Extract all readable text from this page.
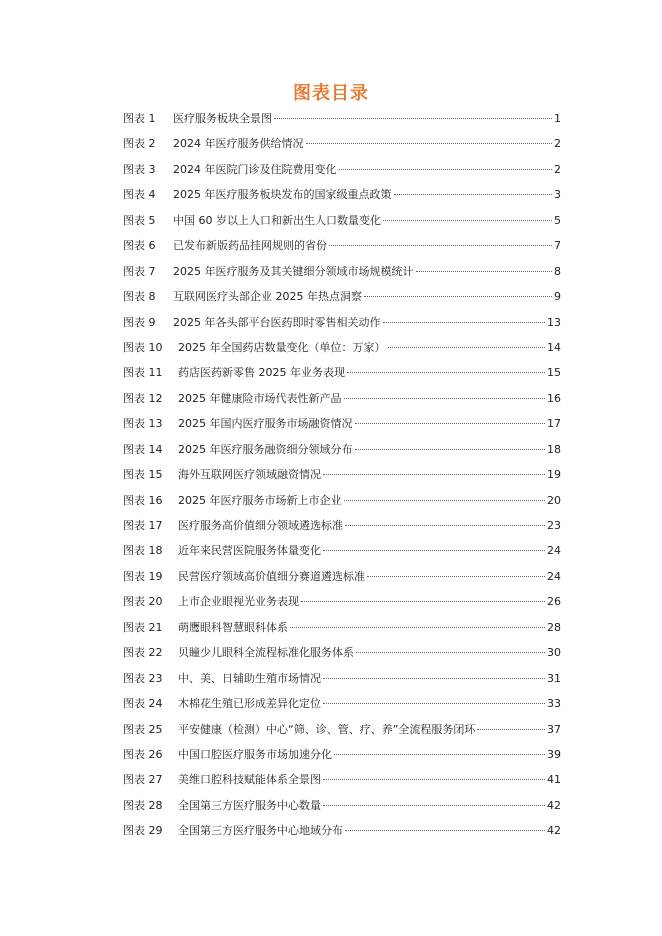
图表目录
图表 1	医疗服务板块全景图	1
图表 2	2024 年医疗服务供给情况	2
图表 3	2024 年医院门诊及住院费用变化	2
图表 4	2025 年医疗服务板块发布的国家级重点政策	3
图表 5	中国 60 岁以上人口和新出生人口数量变化	5
图表 6	已发布新版药品挂网规则的省份	7
图表 7	2025 年医疗服务及其关键细分领域市场规模统计	8
图表 8	互联网医疗头部企业 2025 年热点洞察	9
图表 9	2025 年各头部平台医药即时零售相关动作	13
图表 10	2025 年全国药店数量变化（单位：万家）	14
图表 11	药店医药新零售 2025 年业务表现	15
图表 12	2025 年健康险市场代表性新产品	16
图表 13	2025 年国内医疗服务市场融资情况	17
图表 14	2025 年医疗服务融资细分领域分布	18
图表 15	海外互联网医疗领域融资情况	19
图表 16	2025 年医疗服务市场新上市企业	20
图表 17	医疗服务高价值细分领域遴选标准	23
图表 18	近年来民营医院服务体量变化	24
图表 19	民营医疗领域高价值细分赛道遴选标准	24
图表 20	上市企业眼视光业务表现	26
图表 21	萌鹰眼科智慧眼科体系	28
图表 22	贝瞳少儿眼科全流程标准化服务体系	30
图表 23	中、美、日辅助生殖市场情况	31
图表 24	木棉花生殖已形成差异化定位	33
图表 25	平安健康（检测）中心“筛、诊、管、疗、养”全流程服务闭环	37
图表 26	中国口腔医疗服务市场加速分化	39
图表 27	美维口腔科技赋能体系全景图	41
图表 28	全国第三方医疗服务中心数量	42
图表 29	全国第三方医疗服务中心地域分布	42
